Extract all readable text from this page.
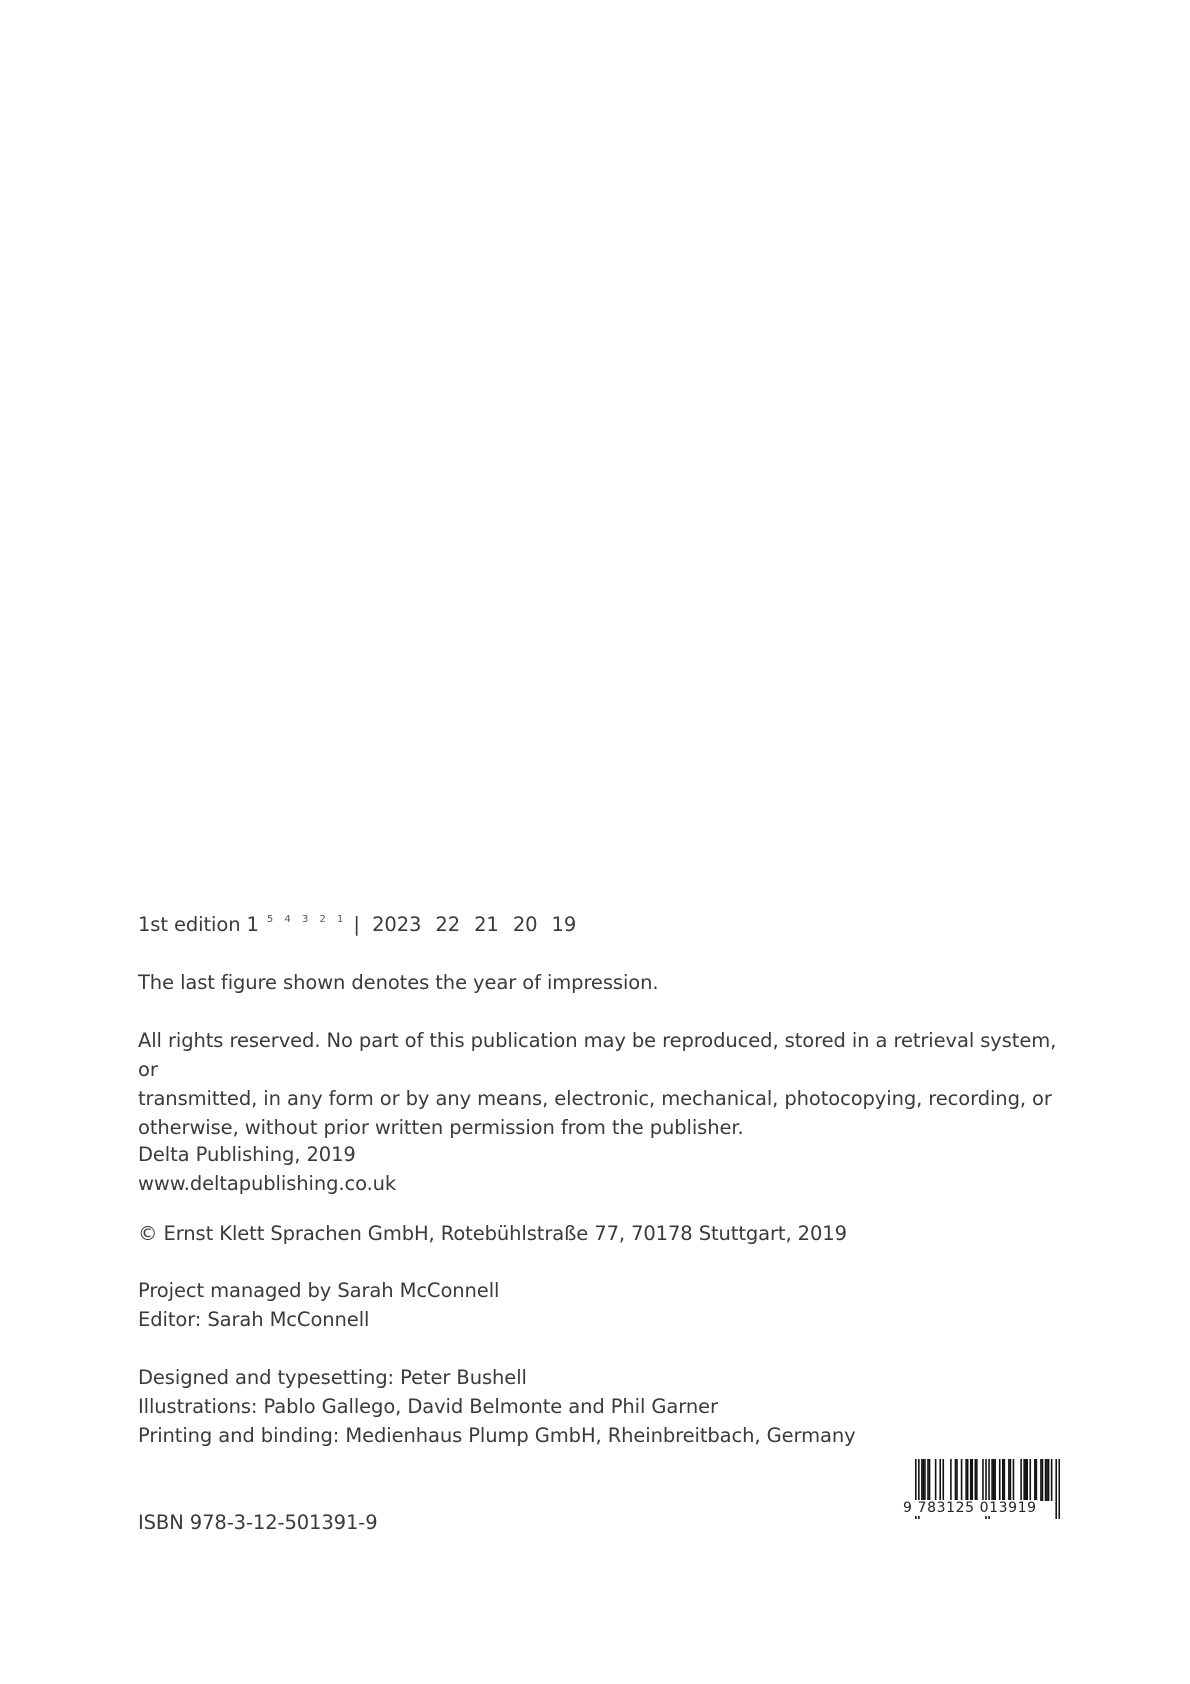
1st edition 1 $^{5 4 3 2 1}$ | 2023 22 21 20 19
The last figure shown denotes the year of impression.
All rights reserved. No part of this publication may be reproduced, stored in a retrieval system, or
transmitted, in any form or by any means, electronic, mechanical, photocopying, recording, or
otherwise, without prior written permission from the publisher.
Delta Publishing, 2019
www.deltapublishing.co.uk
© Ernst Klett Sprachen GmbH, Rotebühlstraße 77, 70178 Stuttgart, 2019
Project managed by Sarah McConnell
Editor: Sarah McConnell
Designed and typesetting: Peter Bushell
Illustrations: Pablo Gallego, David Belmonte and Phil Garner
Printing and binding: Medienhaus Plump GmbH, Rheinbreitbach, Germany
ISBN 978-3-12-501391-9
9 783125 013919
